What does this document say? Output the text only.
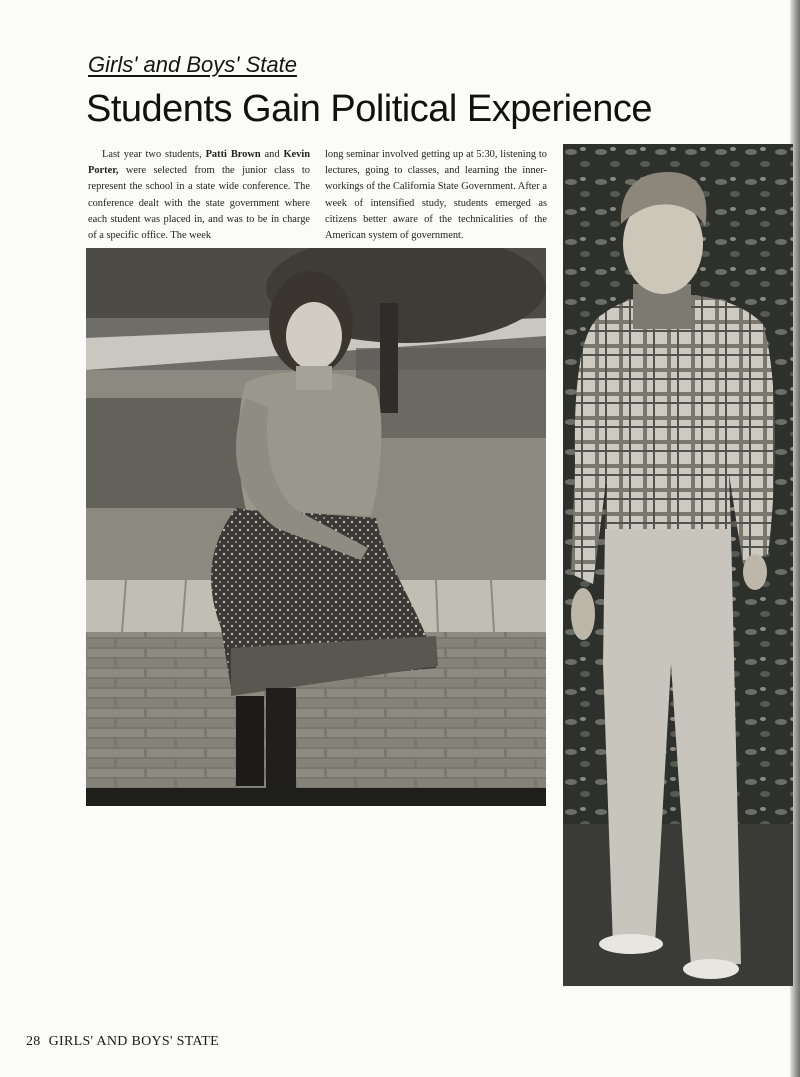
Girls' and Boys' State
Students Gain Political Experience

Last year two students, Patti Brown and Kevin Porter, were selected from the junior class to represent the school in a state wide conference. The conference dealt with the state government where each student was placed in, and was to be in charge of a specific office. The week

long seminar involved getting up at 5:30, listening to lectures, going to classes, and learning the inner-workings of the California State Government. After a week of intensified study, students emerged as citizens better aware of the technicalities of the American system of government.

28 GIRLS' AND BOYS' STATE
